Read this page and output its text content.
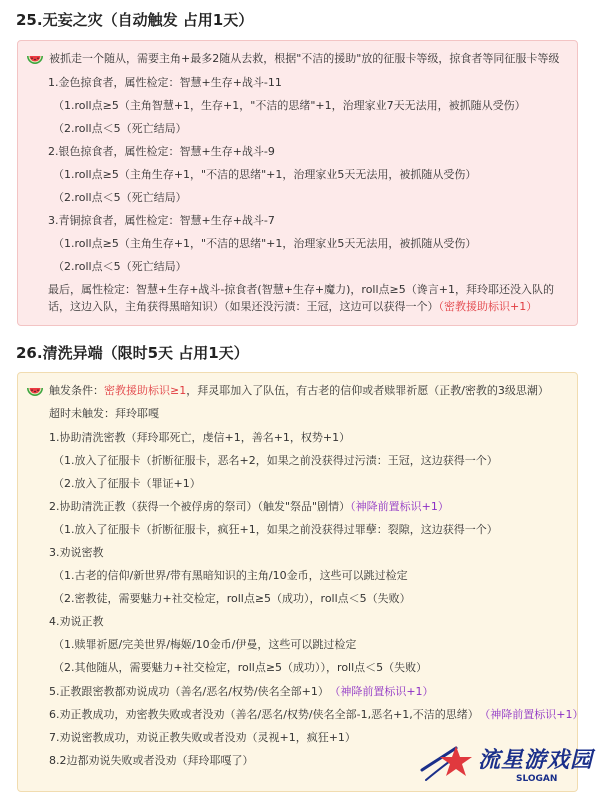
25.无妄之灾（自动触发 占用1天）
被抓走一个随从，需要主角+最多2随从去救，根据"不洁的援助"放的征服卡等级，掠食者等同征服卡等级
1.金色掠食者，属性检定：智慧+生存+战斗-11
（1.roll点≥5（主角智慧+1，生存+1，"不洁的思绪"+1，治理家业7天无法用，被抓随从受伤）
（2.roll点＜5（死亡结局）
2.银色掠食者，属性检定：智慧+生存+战斗-9
（1.roll点≥5（主角生存+1，"不洁的思绪"+1，治理家业5天无法用，被抓随从受伤）
（2.roll点＜5（死亡结局）
3.青铜掠食者，属性检定：智慧+生存+战斗-7
（1.roll点≥5（主角生存+1，"不洁的思绪"+1，治理家业5天无法用，被抓随从受伤）
（2.roll点＜5（死亡结局）
最后，属性检定：智慧+生存+战斗-掠食者(智慧+生存+魔力)，roll点≥5（谗言+1，拜玲耶还没入队的
话，这边入队，主角获得黑暗知识）（如果还没污渍：王冠，这边可以获得一个）（密教援助标识+1）
26.清洗异端（限时5天 占用1天）
触发条件：密教援助标识≥1，拜灵耶加入了队伍，有古老的信仰或者赎罪祈愿（正教/密教的3级思潮）
超时未触发：拜玲耶嘎
1.协助清洗密教（拜玲耶死亡，虔信+1，善名+1，权势+1）
（1.放入了征服卡（折断征服卡，恶名+2，如果之前没获得过污渍：王冠，这边获得一个）
（2.放入了征服卡（罪证+1）
2.协助清洗正教（获得一个被俘虏的祭司）（触发"祭品"剧情）（神降前置标识+1）
（1.放入了征服卡（折断征服卡，疯狂+1，如果之前没获得过罪孽：裂隙，这边获得一个）
3.劝说密教
（1.古老的信仰/新世界/带有黑暗知识的主角/10金币，这些可以跳过检定
（2.密教徒，需要魅力+社交检定，roll点≥5（成功），roll点＜5（失败）
4.劝说正教
（1.赎罪祈愿/完美世界/梅姬/10金币/伊曼，这些可以跳过检定
（2.其他随从，需要魅力+社交检定，roll点≥5（成功）），roll点＜5（失败）
5.正教跟密教都劝说成功（善名/恶名/权势/侠名全部+1） （神降前置标识+1）
6.劝正教成功，劝密教失败或者没劝（善名/恶名/权势/侠名全部-1,恶名+1,不洁的思绪） （神降前置标识+1）
7.劝说密教成功，劝说正教失败或者没劝（灵视+1，疯狂+1）
8.2边都劝说失败或者没劝（拜玲耶嘎了）	流星游戏园
SLOGAN
